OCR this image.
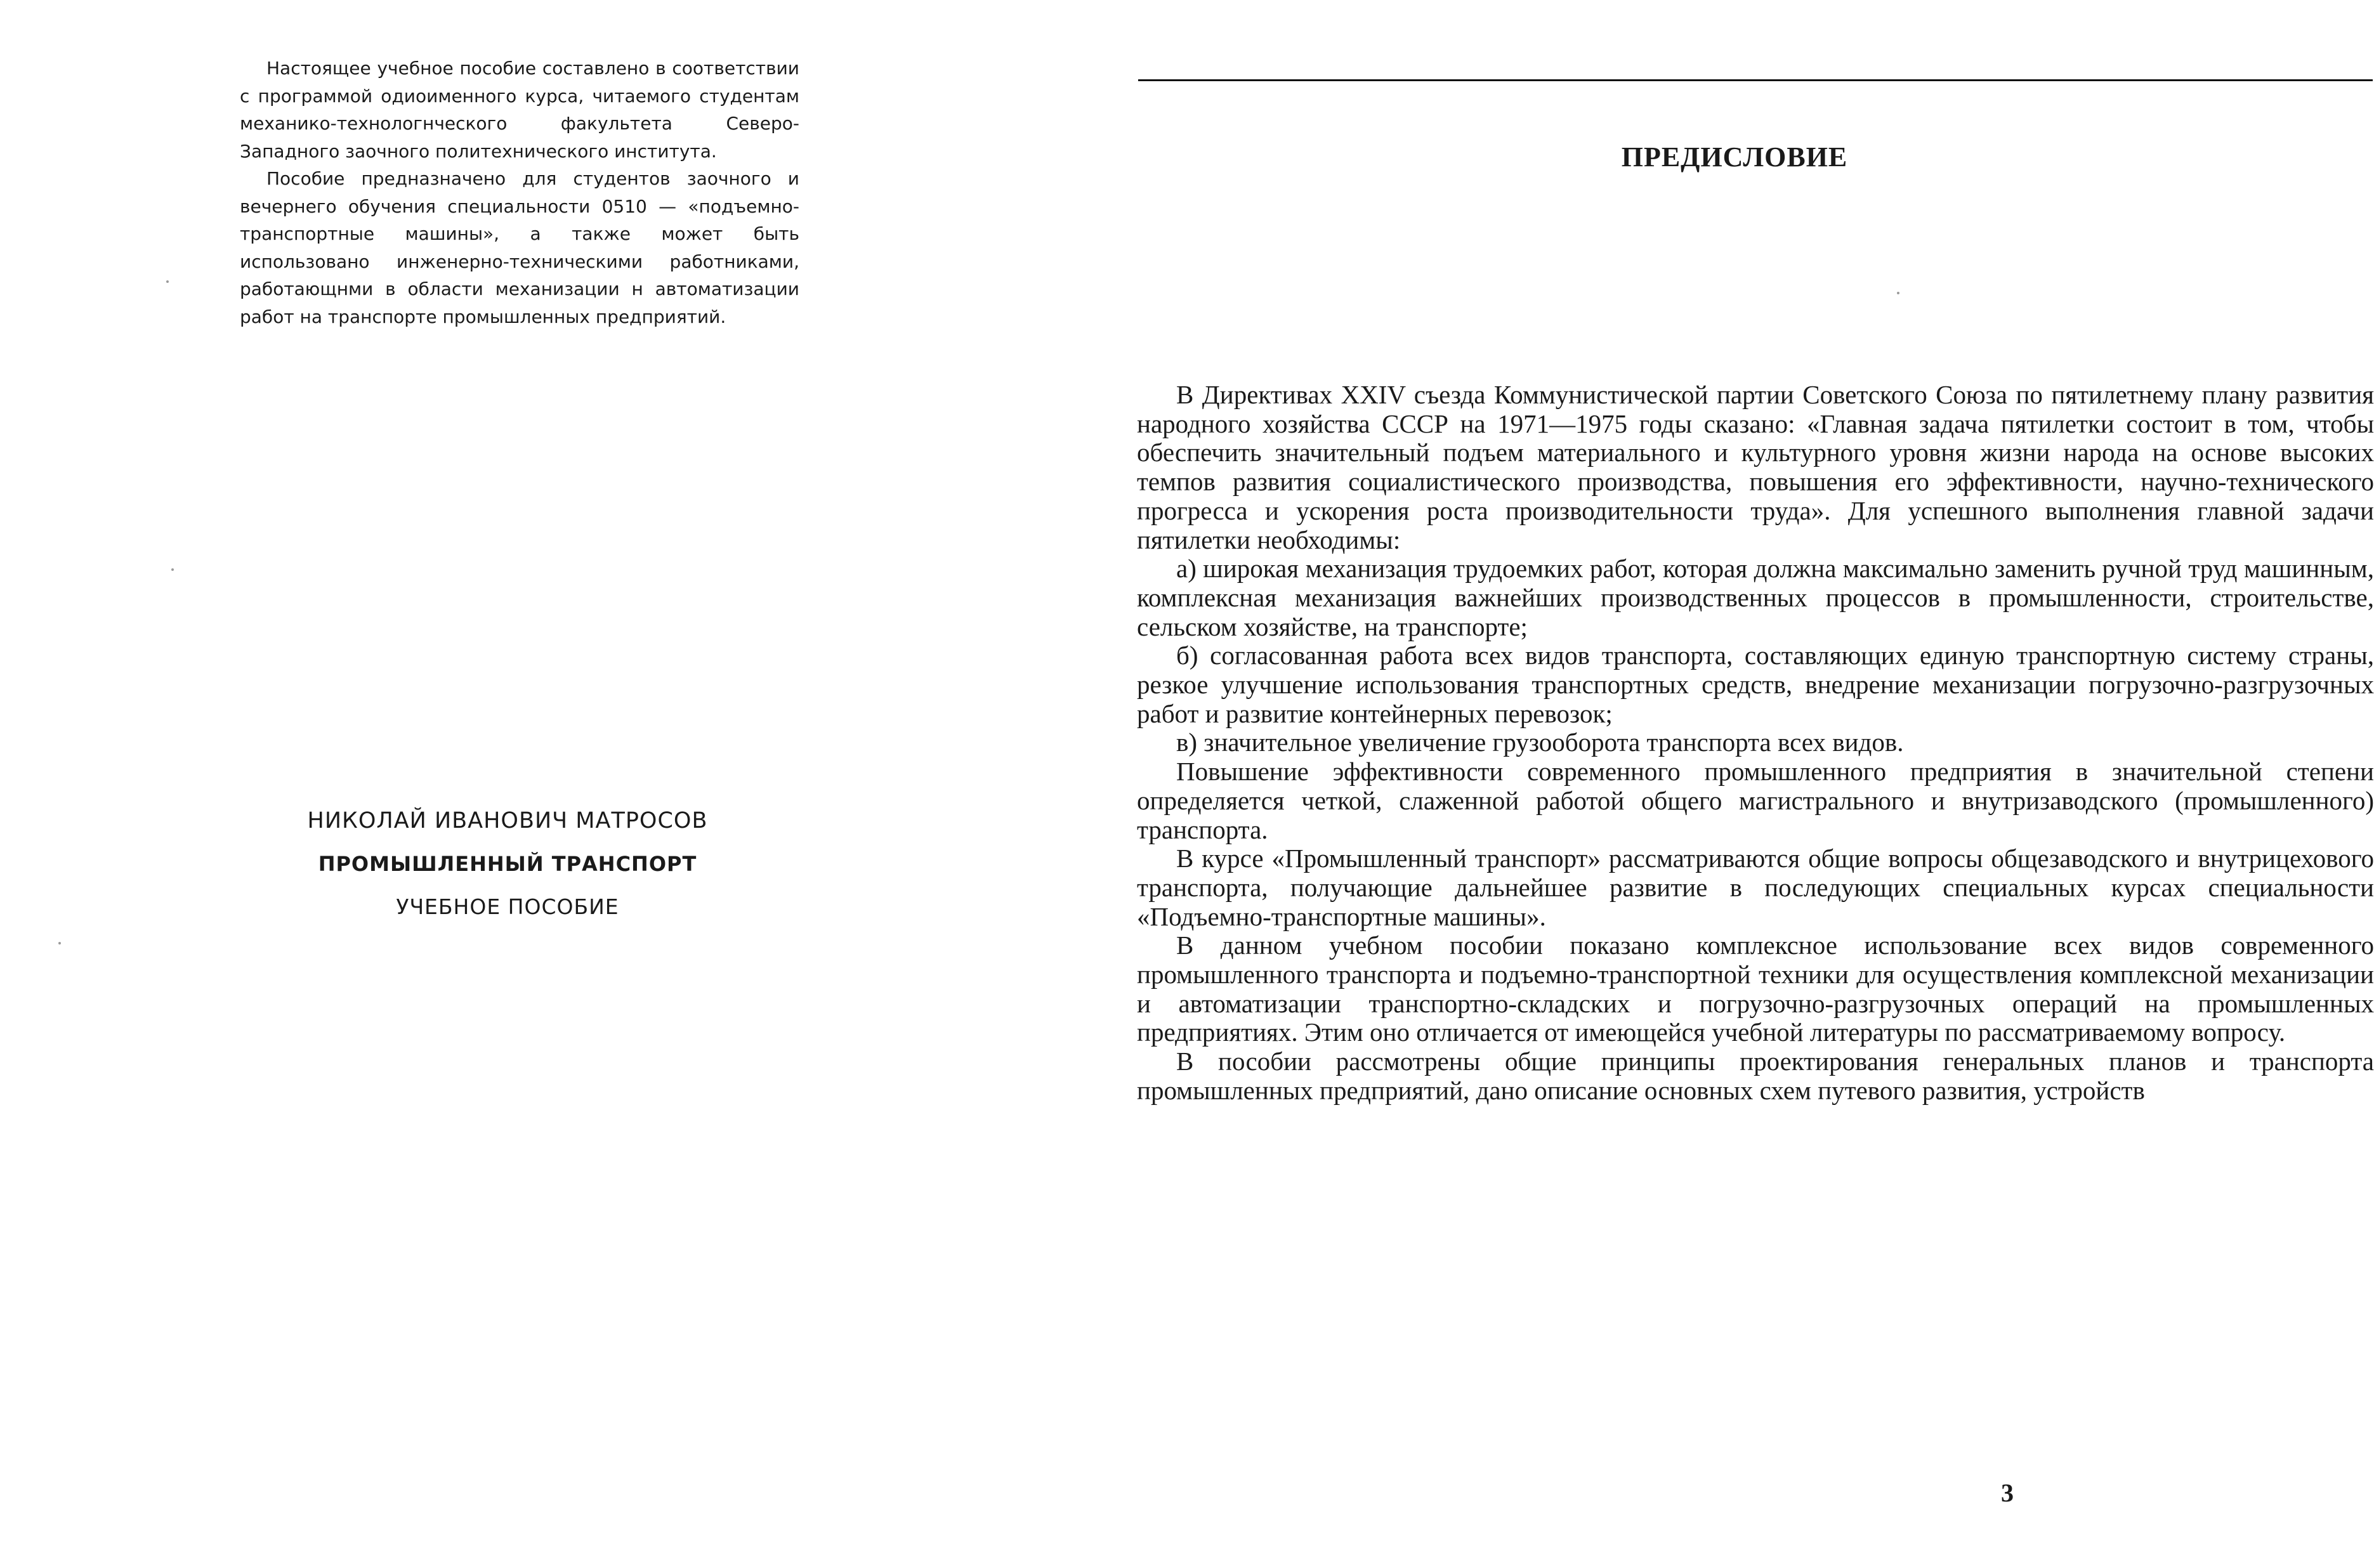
Настоящее учебное пособие составлено в соответствии с программой одиоименного курса, читаемого студентам механико-технологнческого факультета Северо-Западного заочного политехнического института.

Пособие предназначено для студентов заочного и вечернего обучения специальности 0510 — «подъемно-транспортные машины», а также может быть использовано инженерно-техническими работниками, работающнми в области механизации н автоматизации работ на транспорте промышленных предприятий.

НИКОЛАЙ ИВАНОВИЧ МАТРОСОВ

ПРОМЫШЛЕННЫЙ ТРАНСПОРТ

УЧЕБНОЕ ПОСОБИЕ

ПРЕДИСЛОВИЕ

В Директивах XXIV съезда Коммунистической партии Советского Союза по пятилетнему плану развития народного хозяйства СССР на 1971—1975 годы сказано: «Главная задача пятилетки состоит в том, чтобы обеспечить значительный подъем материального и культурного уровня жизни народа на основе высоких темпов развития социалистического производства, повышения его эффективности, научно-технического прогресса и ускорения роста производительности труда». Для успешного выполнения главной задачи пятилетки необходимы:

а) широкая механизация трудоемких работ, которая должна максимально заменить ручной труд машинным, комплексная механизация важнейших производственных процессов в промышленности, строительстве, сельском хозяйстве, на транспорте;

б) согласованная работа всех видов транспорта, составляющих единую транспортную систему страны, резкое улучшение использования транспортных средств, внедрение механизации погрузочно-разгрузочных работ и развитие контейнерных перевозок;

в) значительное увеличение грузооборота транспорта всех видов.

Повышение эффективности современного промышленного предприятия в значительной степени определяется четкой, слаженной работой общего магистрального и внутризаводского (промышленного) транспорта.

В курсе «Промышленный транспорт» рассматриваются общие вопросы общезаводского и внутрицехового транспорта, получающие дальнейшее развитие в последующих специальных курсах специальности «Подъемно-транспортные машины».

В данном учебном пособии показано комплексное использование всех видов современного промышленного транспорта и подъемно-транспортной техники для осуществления комплексной механизации и автоматизации транспортно-складских и погрузочно-разгрузочных операций на промышленных предприятиях. Этим оно отличается от имеющейся учебной литературы по рассматриваемому вопросу.

В пособии рассмотрены общие принципы проектирования генеральных планов и транспорта промышленных предприятий, дано описание основных схем путевого развития, устройств

3
